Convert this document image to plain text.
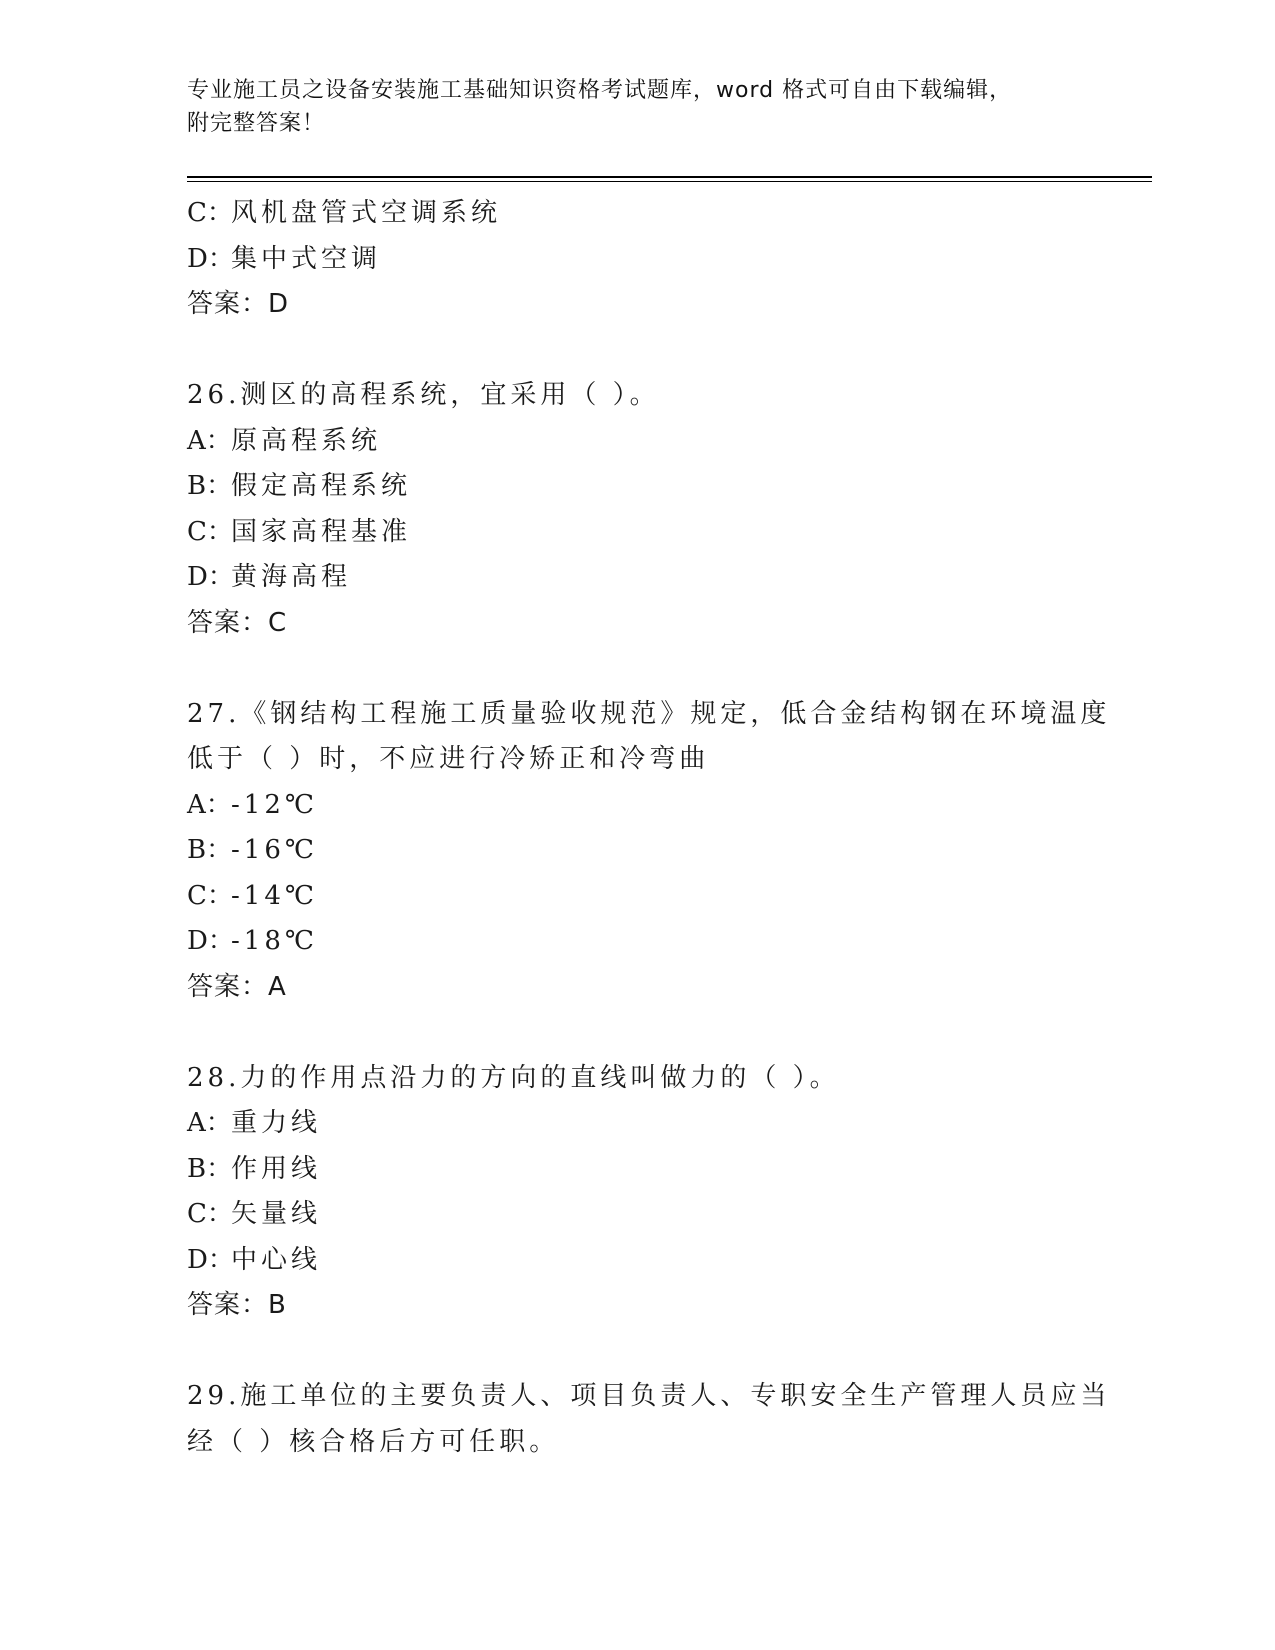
专业施工员之设备安装施工基础知识资格考试题库，word 格式可自由下载编辑，
附完整答案！
C：风机盘管式空调系统
D：集中式空调
答案：D
26.测区的高程系统，宜采用（ ）。
A：原高程系统
B：假定高程系统
C：国家高程基准
D：黄海高程
答案：C
27.《钢结构工程施工质量验收规范》规定，低合金结构钢在环境温度
低于（ ）时，不应进行冷矫正和冷弯曲
A：-12℃
B：-16℃
C：-14℃
D：-18℃
答案：A
28.力的作用点沿力的方向的直线叫做力的（ ）。
A：重力线
B：作用线
C：矢量线
D：中心线
答案：B
29.施工单位的主要负责人、项目负责人、专职安全生产管理人员应当
经（ ）核合格后方可任职。
